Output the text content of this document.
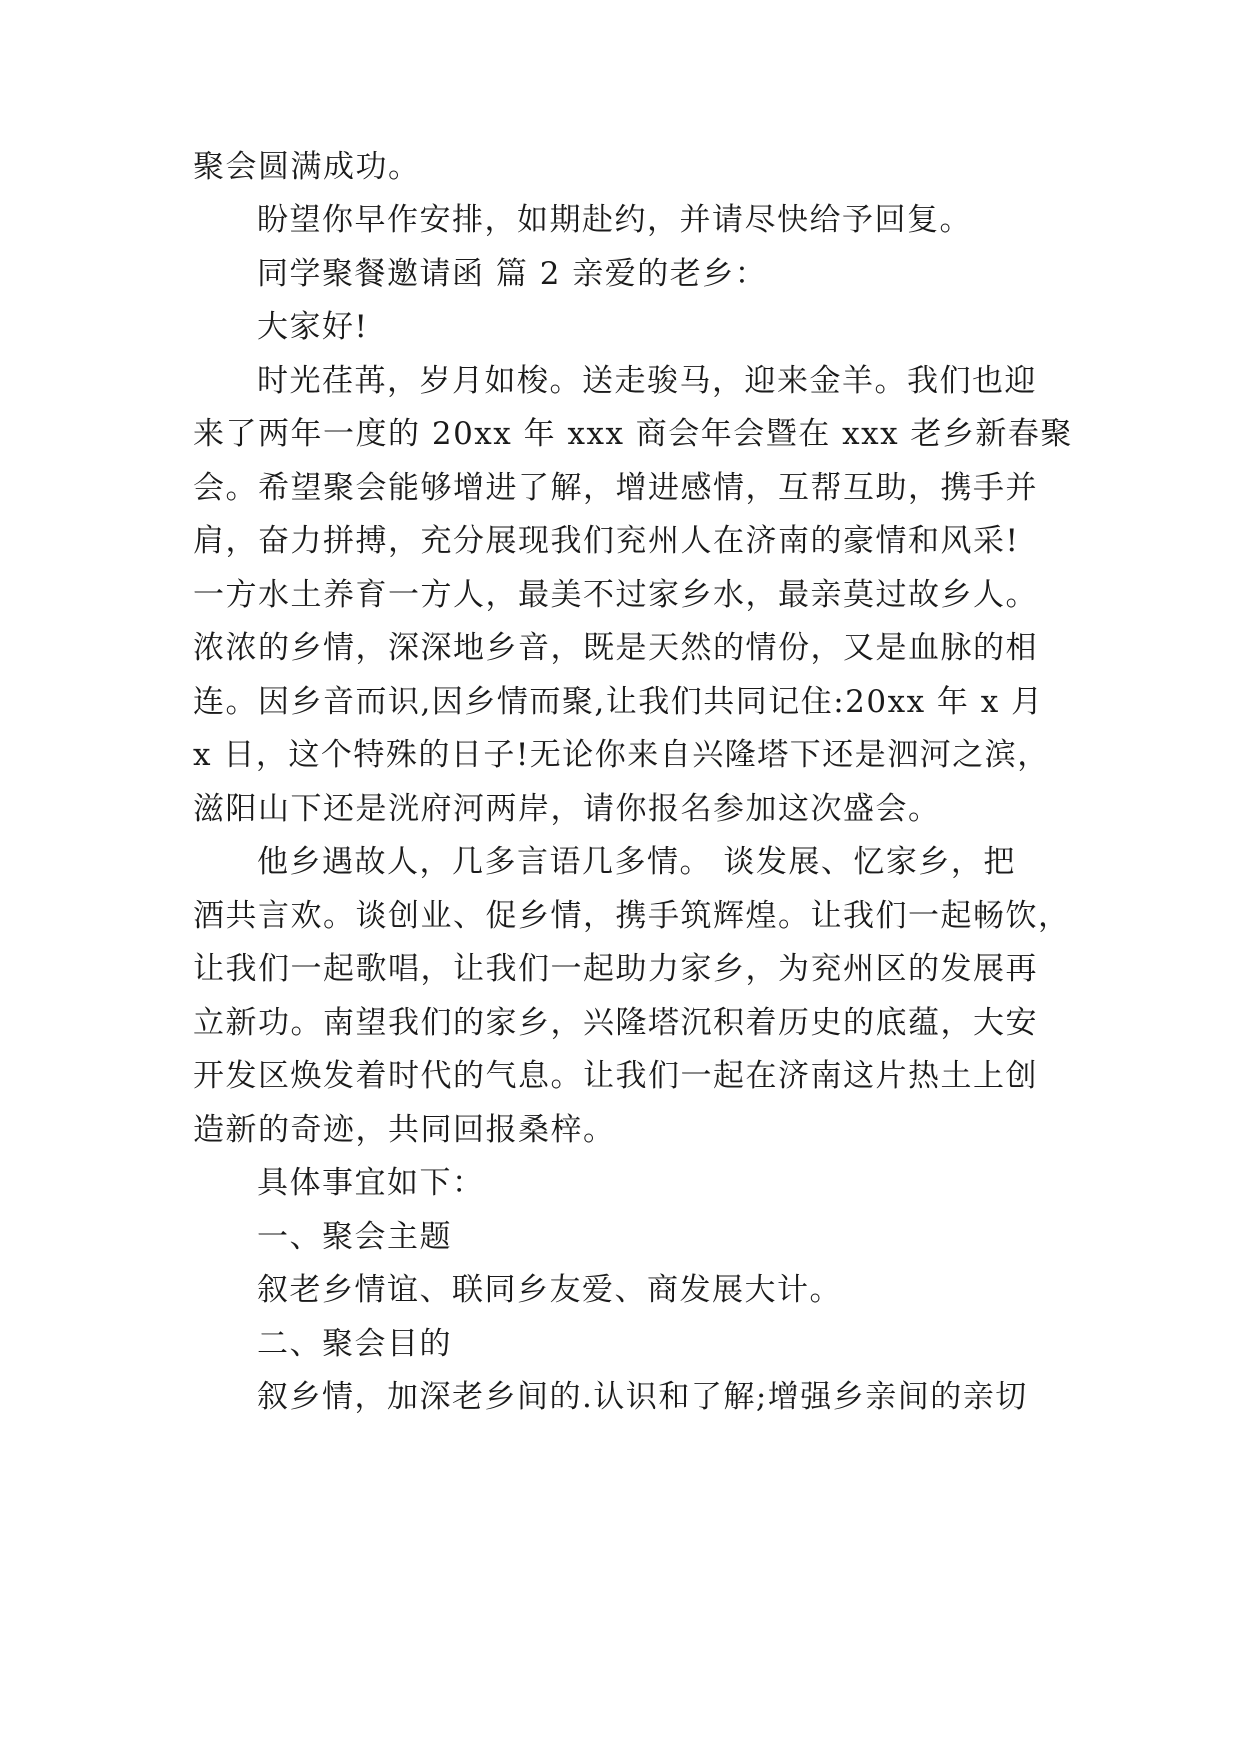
聚会圆满成功。

盼望你早作安排，如期赴约，并请尽快给予回复。

同学聚餐邀请函 篇 2 亲爱的老乡：

大家好!

时光荏苒，岁月如梭。送走骏马，迎来金羊。我们也迎

来了两年一度的 20xx 年 xxx 商会年会暨在 xxx 老乡新春聚

会。希望聚会能够增进了解，增进感情，互帮互助，携手并

肩，奋力拼搏，充分展现我们兖州人在济南的豪情和风采!

一方水土养育一方人，最美不过家乡水，最亲莫过故乡人。

浓浓的乡情，深深地乡音，既是天然的情份，又是血脉的相

连。因乡音而识,因乡情而聚,让我们共同记住:20xx 年 x 月

x 日，这个特殊的日子!无论你来自兴隆塔下还是泗河之滨，

滋阳山下还是洸府河两岸，请你报名参加这次盛会。

他乡遇故人，几多言语几多情。 谈发展、忆家乡，把

酒共言欢。谈创业、促乡情，携手筑辉煌。让我们一起畅饮，

让我们一起歌唱，让我们一起助力家乡，为兖州区的发展再

立新功。南望我们的家乡，兴隆塔沉积着历史的底蕴，大安

开发区焕发着时代的气息。让我们一起在济南这片热土上创

造新的奇迹，共同回报桑梓。

具体事宜如下：

一、聚会主题

叙老乡情谊、联同乡友爱、商发展大计。

二、聚会目的

叙乡情，加深老乡间的.认识和了解;增强乡亲间的亲切
